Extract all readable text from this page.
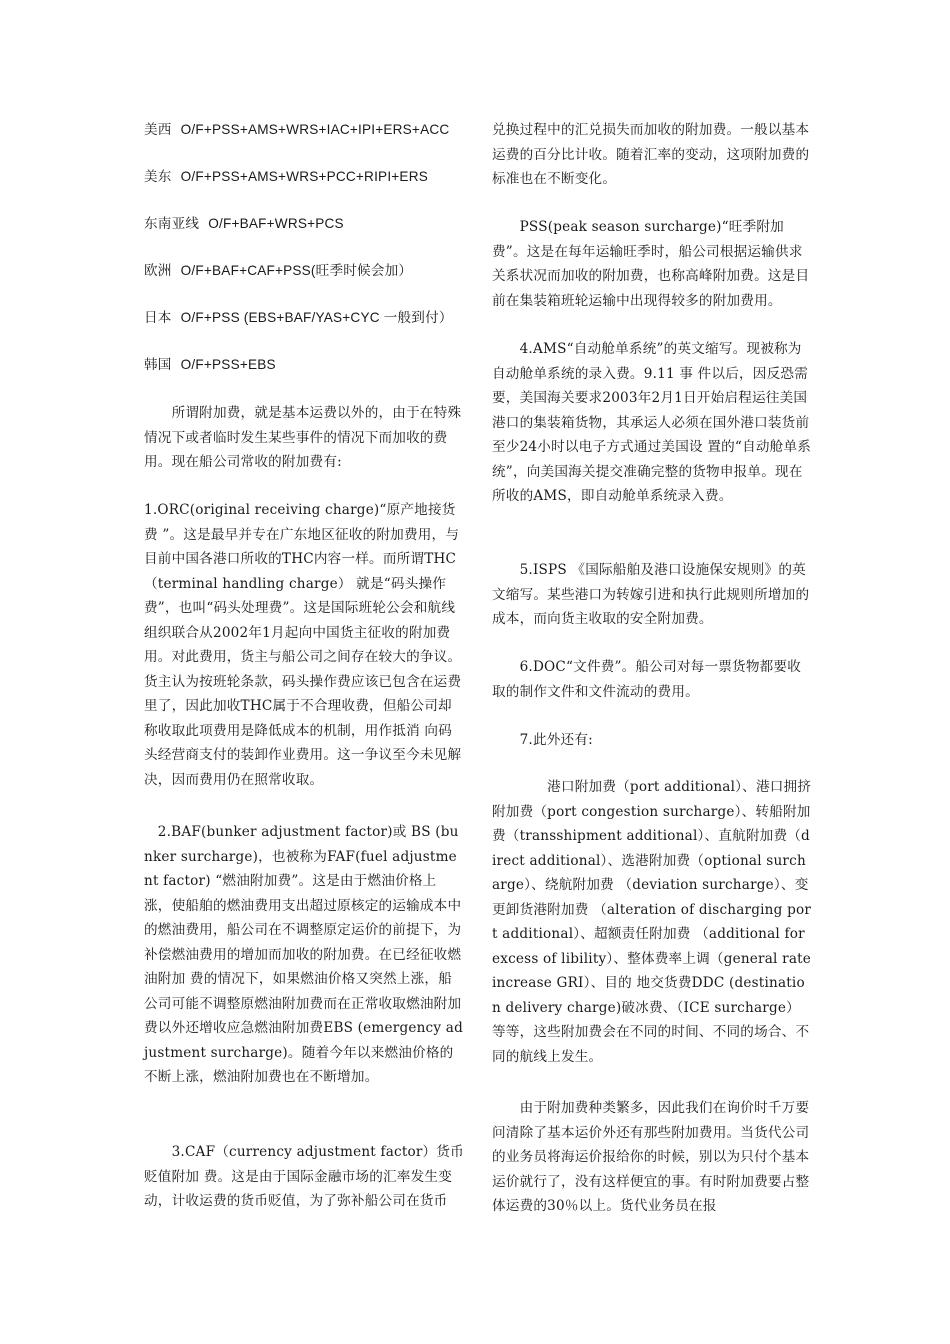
美西 O/F+PSS+AMS+WRS+IAC+IPI+ERS+ACC

美东 O/F+PSS+AMS+WRS+PCC+RIPI+ERS

东南亚线 O/F+BAF+WRS+PCS

欧洲 O/F+BAF+CAF+PSS(旺季时候会加）

日本 O/F+PSS (EBS+BAF/YAS+CYC 一般到付）

韩国 O/F+PSS+EBS

　　所谓附加费，就是基本运费以外的，由于在特殊情况下或者临时发生某些事件的情况下而加收的费用。现在船公司常收的附加费有:

1.ORC(original receiving charge)“原产地接货费 ”。这是最早并专在广东地区征收的附加费用，与目前中国各港口所收的THC内容一样。而所谓THC（terminal handling charge） 就是“码头操作费”，也叫“码头处理费”。这是国际班轮公会和航线组织联合从2002年1月起向中国货主征收的附加费用。对此费用，货主与船公司之间存在较大的争议。货主认为按班轮条款，码头操作费应该已包含在运费里了，因此加收THC属于不合理收费，但船公司却称收取此项费用是降低成本的机制，用作抵消 向码头经营商支付的装卸作业费用。这一争议至今未见解决，因而费用仍在照常收取。

　2.BAF(bunker adjustment factor)或 BS (bunker surcharge)，也被称为FAF(fuel adjustment factor) “燃油附加费”。这是由于燃油价格上涨，使船舶的燃油费用支出超过原核定的运输成本中的燃油费用，船公司在不调整原定运价的前提下，为补偿燃油费用的增加而加收的附加费。在已经征收燃油附加 费的情况下，如果燃油价格又突然上涨，船公司可能不调整原燃油附加费而在正常收取燃油附加费以外还增收应急燃油附加费EBS (emergency adjustment surcharge)。随着今年以来燃油价格的不断上涨，燃油附加费也在不断增加。

　　3.CAF（currency adjustment factor）货币贬值附加 费。这是由于国际金融市场的汇率发生变动，计收运费的货币贬值，为了弥补船公司在货币

兑换过程中的汇兑损失而加收的附加费。一般以基本运费的百分比计收。随着汇率的变动，这项附加费的标准也在不断变化。

　　PSS(peak season surcharge)“旺季附加费”。这是在每年运输旺季时，船公司根据运输供求关系状况而加收的附加费，也称高峰附加费。这是目前在集装箱班轮运输中出现得较多的附加费用。

　　4.AMS“自动舱单系统”的英文缩写。现被称为自动舱单系统的录入费。9.11 事 件以后，因反恐需要，美国海关要求2003年2月1日开始启程运往美国港口的集装箱货物，其承运人必须在国外港口装货前至少24小时以电子方式通过美国设 置的“自动舱单系统”，向美国海关提交准确完整的货物申报单。现在所收的AMS，即自动舱单系统录入费。

　　5.ISPS 《国际船舶及港口设施保安规则》的英文缩写。某些港口为转嫁引进和执行此规则所增加的成本，而向货主收取的安全附加费。

　　6.DOC“文件费”。船公司对每一票货物都要收取的制作文件和文件流动的费用。

　　7.此外还有:

　　　　港口附加费（port additional）、港口拥挤附加费（port congestion surcharge）、转船附加费（transshipment additional）、直航附加费（direct additional）、选港附加费（optional surcharge）、绕航附加费 （deviation surcharge）、变更卸货港附加费 （alteration of discharging port additional）、超额责任附加费 （additional for excess of libility）、整体费率上调（general rate increase GRI）、目的 地交货费DDC (destination delivery charge)破冰费、（ICE surcharge）等等，这些附加费会在不同的时间、不同的场合、不同的航线上发生。

　　由于附加费种类繁多，因此我们在询价时千万要问清除了基本运价外还有那些附加费用。当货代公司的业务员将海运价报给你的时候，别以为只付个基本运价就行了，没有这样便宜的事。有时附加费要占整体运费的30％以上。货代业务员在报
